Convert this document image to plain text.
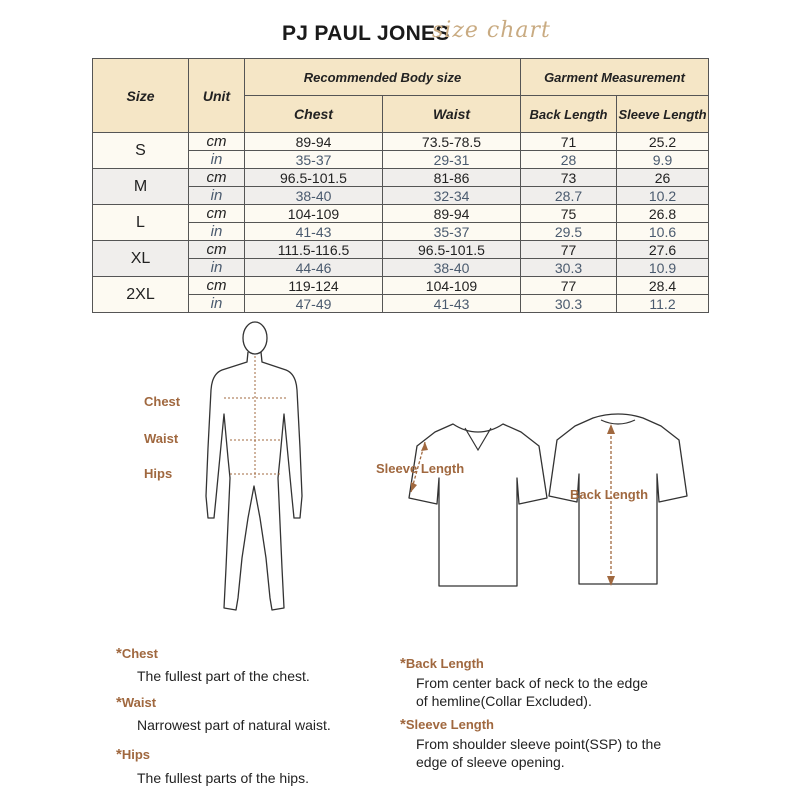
PJ PAUL JONES
size chart
Size	Unit	Recommended Body size		Garment Measurement	
		Chest	Waist	Back Length	Sleeve Length
S	cm	89-94	73.5-78.5	71	25.2
	in	35-37	29-31	28	9.9
M	cm	96.5-101.5	81-86	73	26
	in	38-40	32-34	28.7	10.2
L	cm	104-109	89-94	75	26.8
	in	41-43	35-37	29.5	10.6
XL	cm	111.5-116.5	96.5-101.5	77	27.6
	in	44-46	38-40	30.3	10.9
2XL	cm	119-124	104-109	77	28.4
	in	47-49	41-43	30.3	11.2
Chest
Waist
Hips	Sleeve Length
Back Length
*Chest
The fullest part of the chest.
*Waist
Narrowest part of natural waist.
*Hips
The fullest parts of the hips.
*Back Length
From center back of neck to the edge
of hemline(Collar Excluded).
*Sleeve Length
From shoulder sleeve point(SSP) to the
edge of sleeve opening.
